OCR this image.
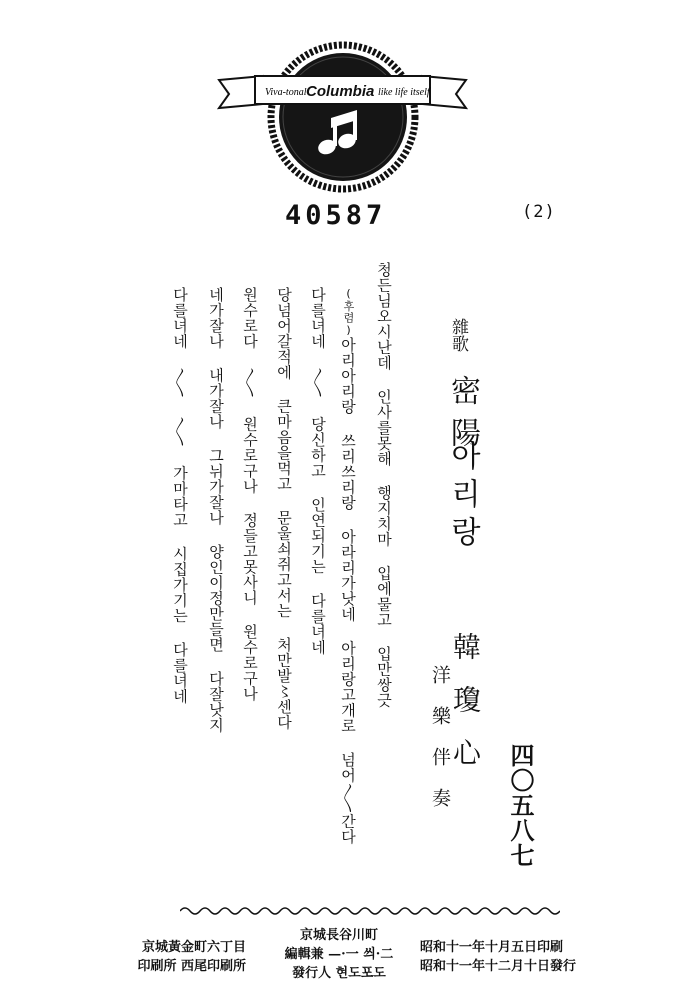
Viva-tonal	like life itself
Columbia
40587	(2)
雜歌
密陽
아리랑
韓瓊心
洋樂伴奏 四〇五八七
청든님오시난데 인사를못해 행지치마 입에물고 입만쌍긋
(후렴)아리아리랑 쓰리쓰리랑 아라리가낫네 아리랑고개로 넘어〱간다
다를녀네 〱 당신하고 인연되기는 다를녀네
당넘어갈적에 큰마음을먹고 문울쇠쥐고서는 처만발〻센다
원수로다 〱 원수로구나 정들고못사니 원수로구나
네가잘나 내가잘나 그뉘가잘나 양인이정만들면 다잘낫지
다를녀네 〱 〱 가마타고 시집가기는 다를녀네
京城黃金町六丁目
印刷所 西尾印刷所
京城長谷川町
編輯兼 —·一 씌·二
發行人 현도포도
昭和十一年十月五日印刷
昭和十一年十二月十日發行
